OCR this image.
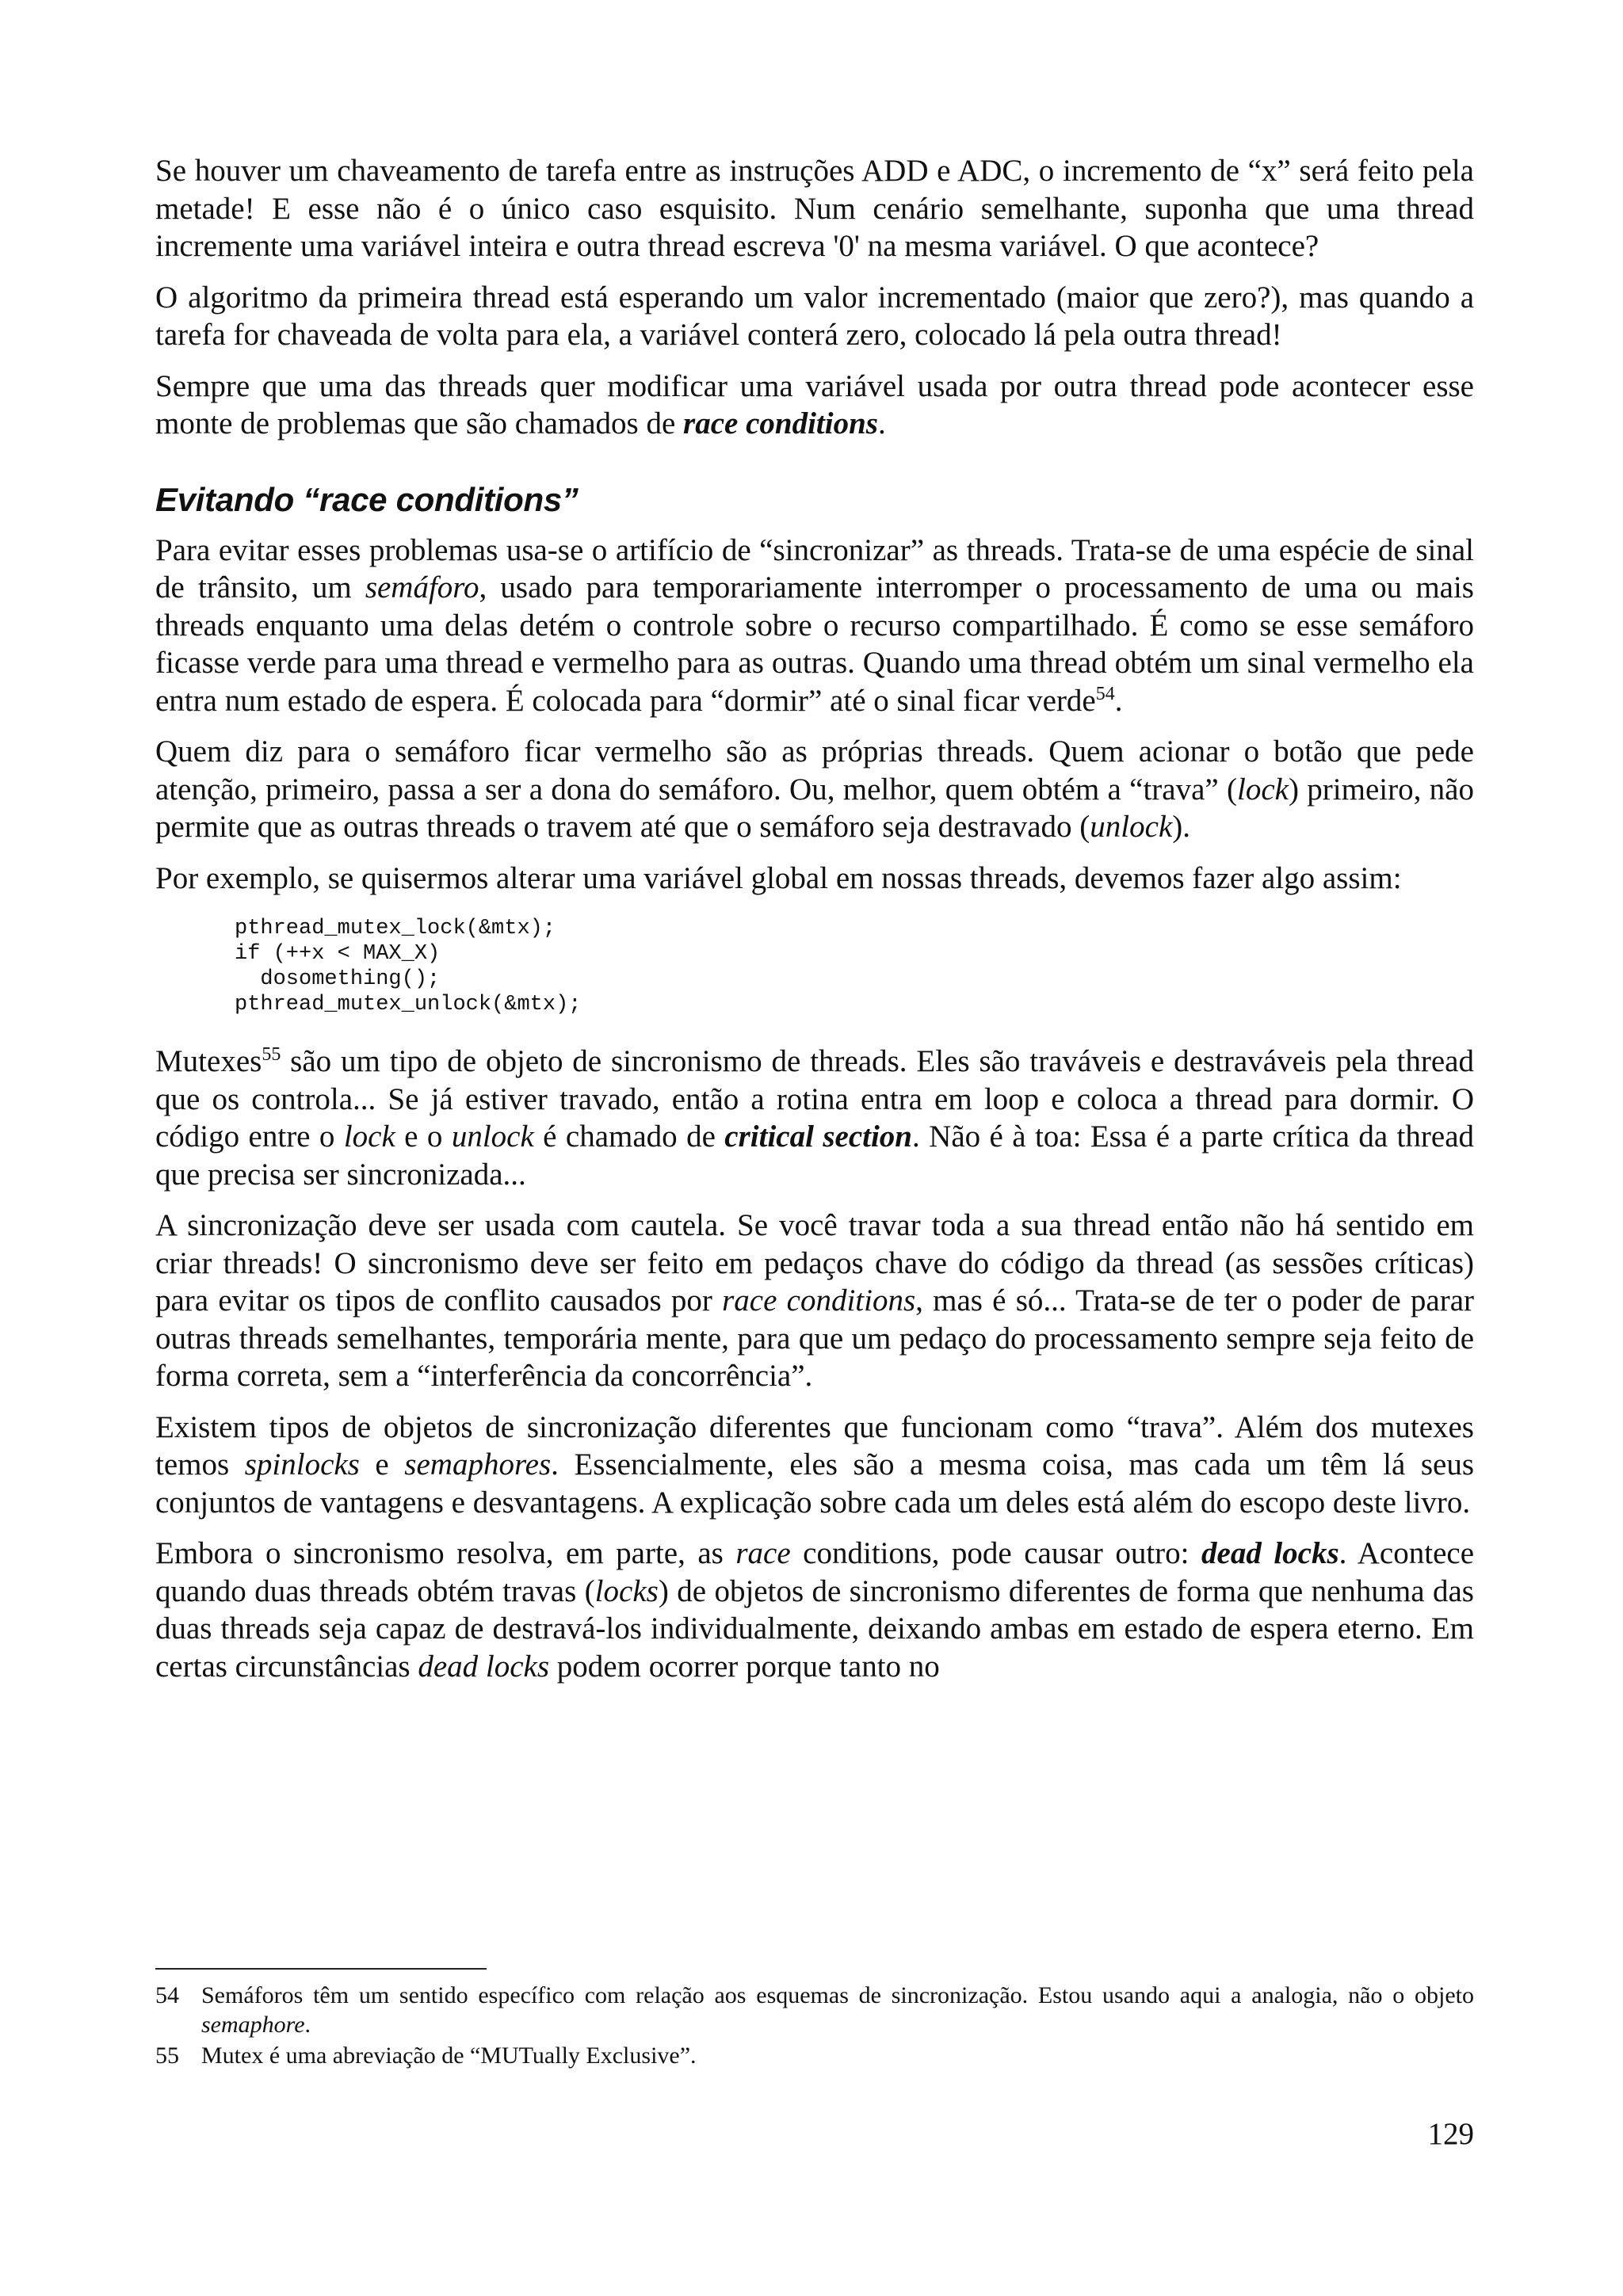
Se houver um chaveamento de tarefa entre as instruções ADD e ADC, o incremento de “x” será feito pela metade! E esse não é o único caso esquisito. Num cenário semelhante, suponha que uma thread incremente uma variável inteira e outra thread escreva '0' na mesma variável. O que acontece?

O algoritmo da primeira thread está esperando um valor incrementado (maior que zero?), mas quando a tarefa for chaveada de volta para ela, a variável conterá zero, colocado lá pela outra thread!

Sempre que uma das threads quer modificar uma variável usada por outra thread pode acontecer esse monte de problemas que são chamados de race conditions.

Evitando “race conditions”

Para evitar esses problemas usa-se o artifício de “sincronizar” as threads. Trata-se de uma espécie de sinal de trânsito, um semáforo, usado para temporariamente interromper o processamento de uma ou mais threads enquanto uma delas detém o controle sobre o recurso compartilhado. É como se esse semáforo ficasse verde para uma thread e vermelho para as outras. Quando uma thread obtém um sinal vermelho ela entra num estado de espera. É colocada para “dormir” até o sinal ficar verde$^{54}$.

Quem diz para o semáforo ficar vermelho são as próprias threads. Quem acionar o botão que pede atenção, primeiro, passa a ser a dona do semáforo. Ou, melhor, quem obtém a “trava” (lock) primeiro, não permite que as outras threads o travem até que o semáforo seja destravado (unlock).

Por exemplo, se quisermos alterar uma variável global em nossas threads, devemos fazer algo assim:

pthread_mutex_lock(&mtx);
if (++x < MAX_X)
dosomething();
pthread_mutex_unlock(&mtx);

Mutexes$^{55}$ são um tipo de objeto de sincronismo de threads. Eles são traváveis e destraváveis pela thread que os controla... Se já estiver travado, então a rotina entra em loop e coloca a thread para dormir. O código entre o lock e o unlock é chamado de critical section. Não é à toa: Essa é a parte crítica da thread que precisa ser sincronizada...

A sincronização deve ser usada com cautela. Se você travar toda a sua thread então não há sentido em criar threads! O sincronismo deve ser feito em pedaços chave do código da thread (as sessões críticas) para evitar os tipos de conflito causados por race conditions, mas é só... Trata-se de ter o poder de parar outras threads semelhantes, temporária mente, para que um pedaço do processamento sempre seja feito de forma correta, sem a “interferência da concorrência”.

Existem tipos de objetos de sincronização diferentes que funcionam como “trava”. Além dos mutexes temos spinlocks e semaphores. Essencialmente, eles são a mesma coisa, mas cada um têm lá seus conjuntos de vantagens e desvantagens. A explicação sobre cada um deles está além do escopo deste livro.

Embora o sincronismo resolva, em parte, as race conditions, pode causar outro: dead locks. Acontece quando duas threads obtém travas (locks) de objetos de sincronismo diferentes de forma que nenhuma das duas threads seja capaz de destravá-los individualmente, deixando ambas em estado de espera eterno. Em certas circunstâncias dead locks podem ocorrer porque tanto no

54 Semáforos têm um sentido específico com relação aos esquemas de sincronização. Estou usando aqui a analogia, não o objeto semaphore.
55 Mutex é uma abreviação de “MUTually Exclusive”.
129
